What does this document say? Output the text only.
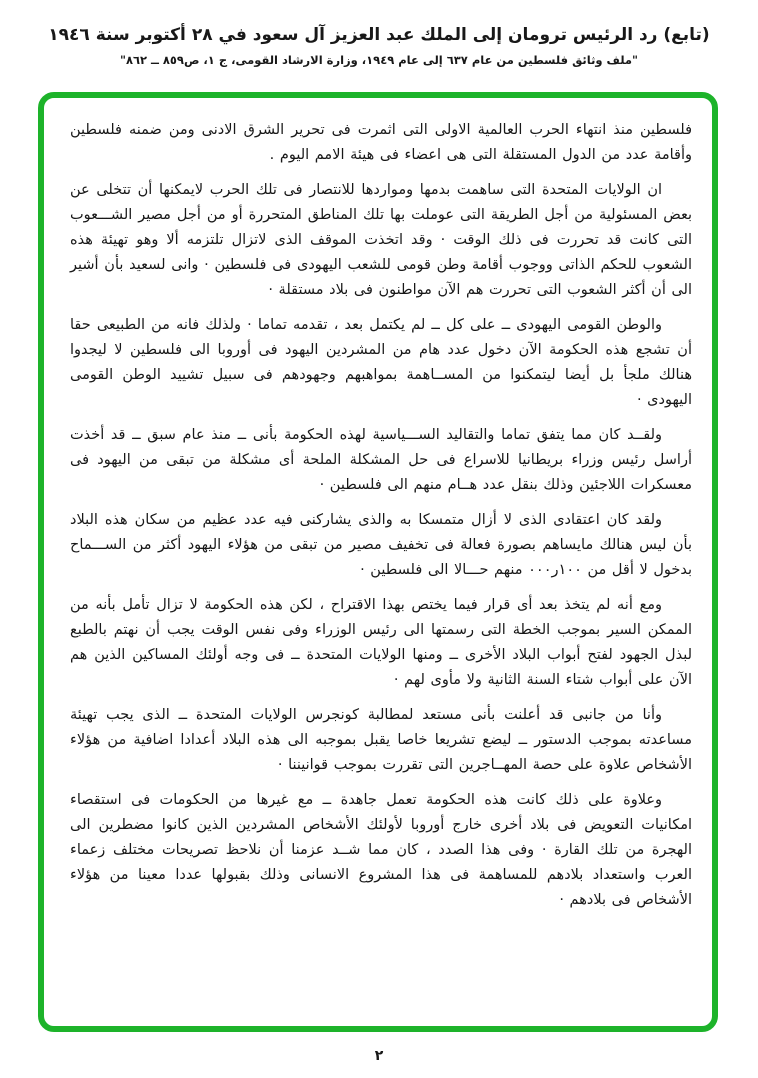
(تابع) رد الرئيس ترومان إلى الملك عبد العزيز آل سعود في ٢٨ أكتوبر سنة ١٩٤٦
"ملف وثائق فلسطين من عام ٦٣٧ إلى عام ١٩٤٩، وزارة الارشاد القومى، ج ١، ص٨٥٩ ــ ٨٦٢"

فلسطين منذ انتهاء الحرب العالمية الاولى التى اثمرت فى تحرير الشرق الادنى ومن ضمنه فلسطين وأقامة عدد من الدول المستقلة التى هى اعضاء فى هيئة الامم اليوم .

ان الولايات المتحدة التى ساهمت بدمها ومواردها للانتصار فى تلك الحرب لايمكنها أن تتخلى عن بعض المسئولية من أجل الطريقة التى عوملت بها تلك المناطق المتحررة أو من أجل مصير الشـــعوب التى كانت قد تحررت فى ذلك الوقت · وقد اتخذت الموقف الذى لاتزال تلتزمه ألا وهو تهيئة هذه الشعوب للحكم الذاتى ووجوب أقامة وطن قومى للشعب اليهودى فى فلسطين · وانى لسعيد بأن أشير الى أن أكثر الشعوب التى تحررت هم الآن مواطنون فى بلاد مستقلة ·

والوطن القومى اليهودى ــ على كل ــ لم يكتمل بعد ، تقدمه تماما · ولذلك فانه من الطبيعى حقا أن تشجع هذه الحكومة الآن دخول عدد هام من المشردين اليهود فى أوروبا الى فلسطين لا ليجدوا هنالك ملجأ بل أيضا ليتمكنوا من المســاهمة بمواهبهم وجهودهم فى سبيل تشييد الوطن القومى اليهودى ·

ولقــد كان مما يتفق تماما والتقاليد الســـياسية لهذه الحكومة بأنى ــ منذ عام سبق ــ قد أخذت أراسل رئيس وزراء بريطانيا للاسراع فى حل المشكلة الملحة أى مشكلة من تبقى من اليهود فى معسكرات اللاجئين وذلك بنقل عدد هــام منهم الى فلسطين ·

ولقد كان اعتقادى الذى لا أزال متمسكا به والذى يشاركنى فيه عدد عظيم من سكان هذه البلاد بأن ليس هنالك مايساهم بصورة فعالة فى تخفيف مصير من تبقى من هؤلاء اليهود أكثر من الســـماح بدخول لا أقل من ١٠٠ر٠٠٠ منهم حـــالا الى فلسطين ·

ومع أنه لم يتخذ بعد أى قرار فيما يختص بهذا الاقتراح ، لكن هذه الحكومة لا تزال تأمل بأنه من الممكن السير بموجب الخطة التى رسمتها الى رئيس الوزراء وفى نفس الوقت يجب أن نهتم بالطبع لبذل الجهود لفتح أبواب البلاد الأخرى ــ ومنها الولايات المتحدة ــ فى وجه أولئك المساكين الذين هم الآن على أبواب شتاء السنة الثانية ولا مأوى لهم ·

وأنا من جانبى قد أعلنت بأنى مستعد لمطالبة كونجرس الولايات المتحدة ــ الذى يجب تهيئة مساعدته بموجب الدستور ــ ليضع تشريعا خاصا يقبل بموجبه الى هذه البلاد أعدادا اضافية من هؤلاء الأشخاص علاوة على حصة المهــاجرين التى تقررت بموجب قوانيننا ·

وعلاوة على ذلك كانت هذه الحكومة تعمل جاهدة ــ مع غيرها من الحكومات فى استقصاء امكانيات التعويض فى بلاد أخرى خارج أوروبا لأولئك الأشخاص المشردين الذين كانوا مضطرين الى الهجرة من تلك القارة · وفى هذا الصدد ، كان مما شــد عزمنا أن نلاحظ تصريحات مختلف زعماء العرب واستعداد بلادهم للمساهمة فى هذا المشروع الانسانى وذلك بقبولها عددا معينا من هؤلاء الأشخاص فى بلادهم ·

٢
